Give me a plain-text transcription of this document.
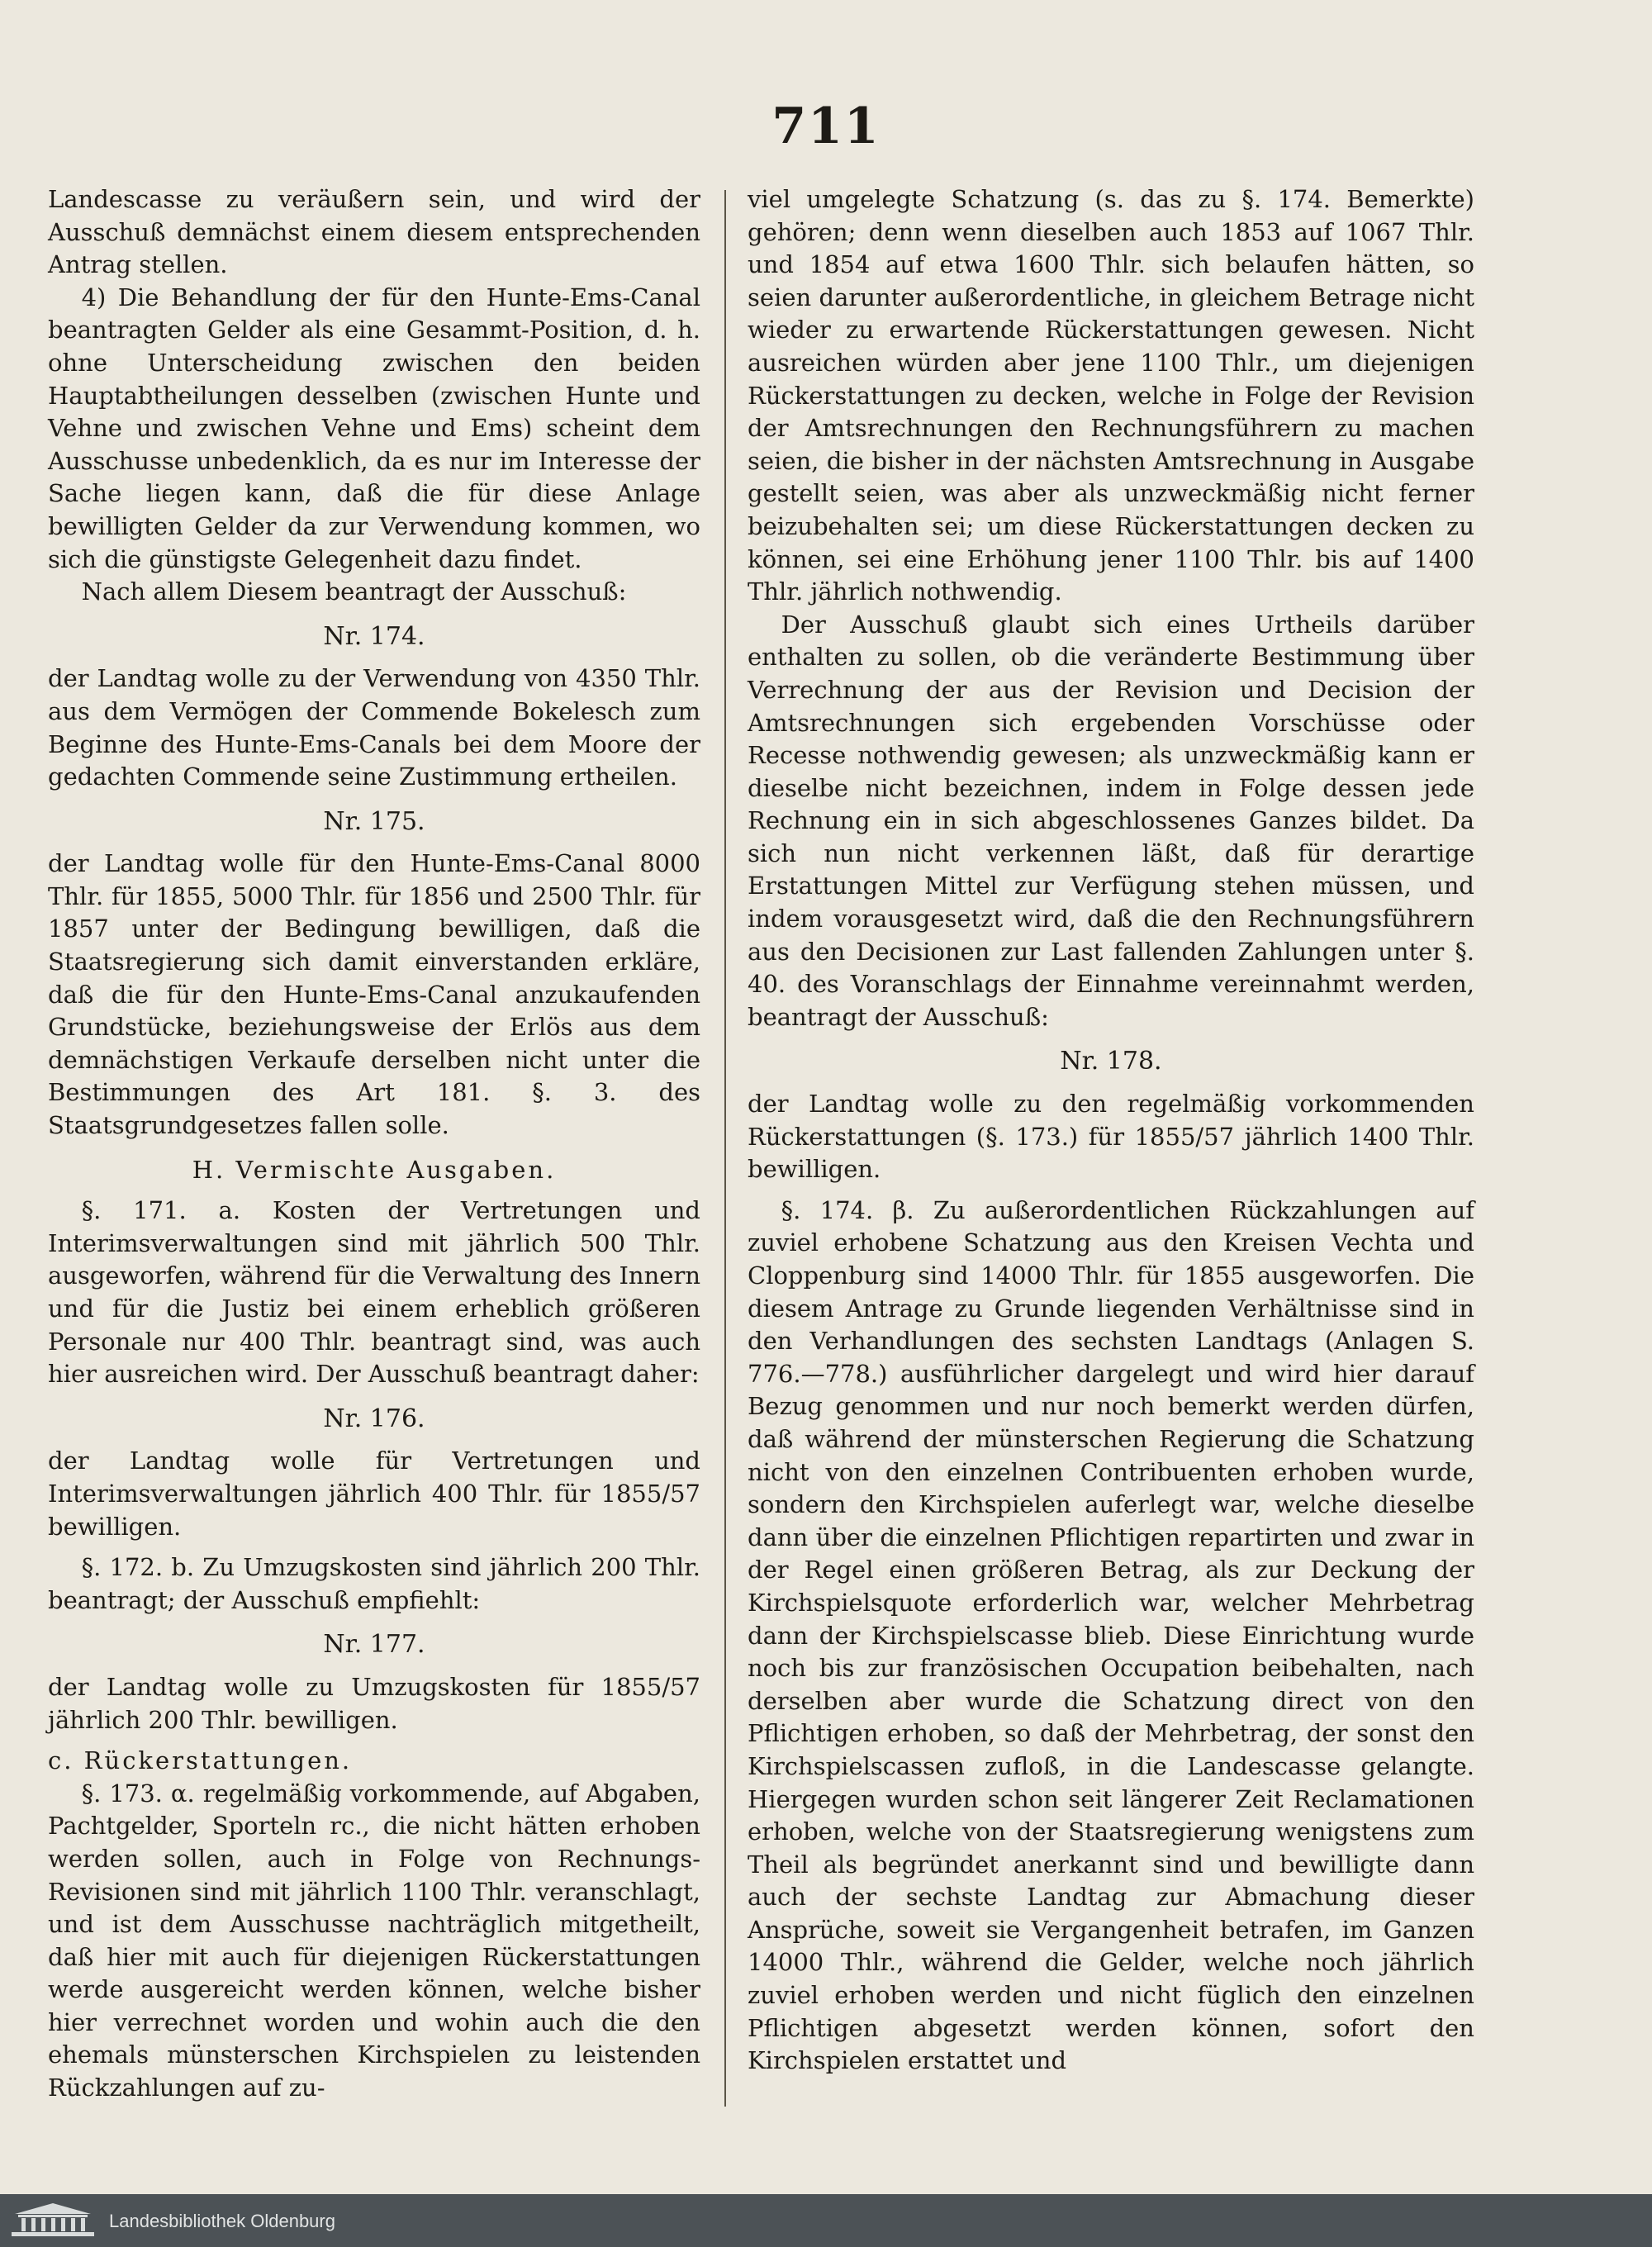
711

Landescasse zu veräußern sein, und wird der Ausschuß demnächst einem diesem entsprechenden Antrag stellen.

4) Die Behandlung der für den Hunte-Ems-Canal beantragten Gelder als eine Gesammt-Position, d. h. ohne Unterscheidung zwischen den beiden Hauptabtheilungen desselben (zwischen Hunte und Vehne und zwischen Vehne und Ems) scheint dem Ausschusse unbedenklich, da es nur im Interesse der Sache liegen kann, daß die für diese Anlage bewilligten Gelder da zur Verwendung kommen, wo sich die günstigste Gelegenheit dazu findet.

Nach allem Diesem beantragt der Ausschuß:

Nr. 174.

der Landtag wolle zu der Verwendung von 4350 Thlr. aus dem Vermögen der Commende Bokelesch zum Beginne des Hunte-Ems-Canals bei dem Moore der gedachten Commende seine Zustimmung ertheilen.

Nr. 175.

der Landtag wolle für den Hunte-Ems-Canal 8000 Thlr. für 1855, 5000 Thlr. für 1856 und 2500 Thlr. für 1857 unter der Bedingung bewilligen, daß die Staatsregierung sich damit einverstanden erkläre, daß die für den Hunte-Ems-Canal anzukaufenden Grundstücke, beziehungsweise der Erlös aus dem demnächstigen Verkaufe derselben nicht unter die Bestimmungen des Art 181. §. 3. des Staatsgrundgesetzes fallen solle.

H. Vermischte Ausgaben.

§. 171. a. Kosten der Vertretungen und Interimsverwaltungen sind mit jährlich 500 Thlr. ausgeworfen, während für die Verwaltung des Innern und für die Justiz bei einem erheblich größeren Personale nur 400 Thlr. beantragt sind, was auch hier ausreichen wird. Der Ausschuß beantragt daher:

Nr. 176.

der Landtag wolle für Vertretungen und Interimsverwaltungen jährlich 400 Thlr. für 1855/57 bewilligen.

§. 172. b. Zu Umzugskosten sind jährlich 200 Thlr. beantragt; der Ausschuß empfiehlt:

Nr. 177.

der Landtag wolle zu Umzugskosten für 1855/57 jährlich 200 Thlr. bewilligen.

c. Rückerstattungen.

§. 173. α. regelmäßig vorkommende, auf Abgaben, Pachtgelder, Sporteln rc., die nicht hätten erhoben werden sollen, auch in Folge von Rechnungs-Revisionen sind mit jährlich 1100 Thlr. veranschlagt, und ist dem Ausschusse nachträglich mitgetheilt, daß hier mit auch für diejenigen Rückerstattungen werde ausgereicht werden können, welche bisher hier verrechnet worden und wohin auch die den ehemals münsterschen Kirchspielen zu leistenden Rückzahlungen auf zu-

viel umgelegte Schatzung (s. das zu §. 174. Bemerkte) gehören; denn wenn dieselben auch 1853 auf 1067 Thlr. und 1854 auf etwa 1600 Thlr. sich belaufen hätten, so seien darunter außerordentliche, in gleichem Betrage nicht wieder zu erwartende Rückerstattungen gewesen. Nicht ausreichen würden aber jene 1100 Thlr., um diejenigen Rückerstattungen zu decken, welche in Folge der Revision der Amtsrechnungen den Rechnungsführern zu machen seien, die bisher in der nächsten Amtsrechnung in Ausgabe gestellt seien, was aber als unzweckmäßig nicht ferner beizubehalten sei; um diese Rückerstattungen decken zu können, sei eine Erhöhung jener 1100 Thlr. bis auf 1400 Thlr. jährlich nothwendig.

Der Ausschuß glaubt sich eines Urtheils darüber enthalten zu sollen, ob die veränderte Bestimmung über Verrechnung der aus der Revision und Decision der Amtsrechnungen sich ergebenden Vorschüsse oder Recesse nothwendig gewesen; als unzweckmäßig kann er dieselbe nicht bezeichnen, indem in Folge dessen jede Rechnung ein in sich abgeschlossenes Ganzes bildet. Da sich nun nicht verkennen läßt, daß für derartige Erstattungen Mittel zur Verfügung stehen müssen, und indem vorausgesetzt wird, daß die den Rechnungsführern aus den Decisionen zur Last fallenden Zahlungen unter §. 40. des Voranschlags der Einnahme vereinnahmt werden, beantragt der Ausschuß:

Nr. 178.

der Landtag wolle zu den regelmäßig vorkommenden Rückerstattungen (§. 173.) für 1855/57 jährlich 1400 Thlr. bewilligen.

§. 174. β. Zu außerordentlichen Rückzahlungen auf zuviel erhobene Schatzung aus den Kreisen Vechta und Cloppenburg sind 14000 Thlr. für 1855 ausgeworfen. Die diesem Antrage zu Grunde liegenden Verhältnisse sind in den Verhandlungen des sechsten Landtags (Anlagen S. 776.—778.) ausführlicher dargelegt und wird hier darauf Bezug genommen und nur noch bemerkt werden dürfen, daß während der münsterschen Regierung die Schatzung nicht von den einzelnen Contribuenten erhoben wurde, sondern den Kirchspielen auferlegt war, welche dieselbe dann über die einzelnen Pflichtigen repartirten und zwar in der Regel einen größeren Betrag, als zur Deckung der Kirchspielsquote erforderlich war, welcher Mehrbetrag dann der Kirchspielscasse blieb. Diese Einrichtung wurde noch bis zur französischen Occupation beibehalten, nach derselben aber wurde die Schatzung direct von den Pflichtigen erhoben, so daß der Mehrbetrag, der sonst den Kirchspielscassen zufloß, in die Landescasse gelangte. Hiergegen wurden schon seit längerer Zeit Reclamationen erhoben, welche von der Staatsregierung wenigstens zum Theil als begründet anerkannt sind und bewilligte dann auch der sechste Landtag zur Abmachung dieser Ansprüche, soweit sie Vergangenheit betrafen, im Ganzen 14000 Thlr., während die Gelder, welche noch jährlich zuviel erhoben werden und nicht füglich den einzelnen Pflichtigen abgesetzt werden können, sofort den Kirchspielen erstattet und

Landesbibliothek Oldenburg
